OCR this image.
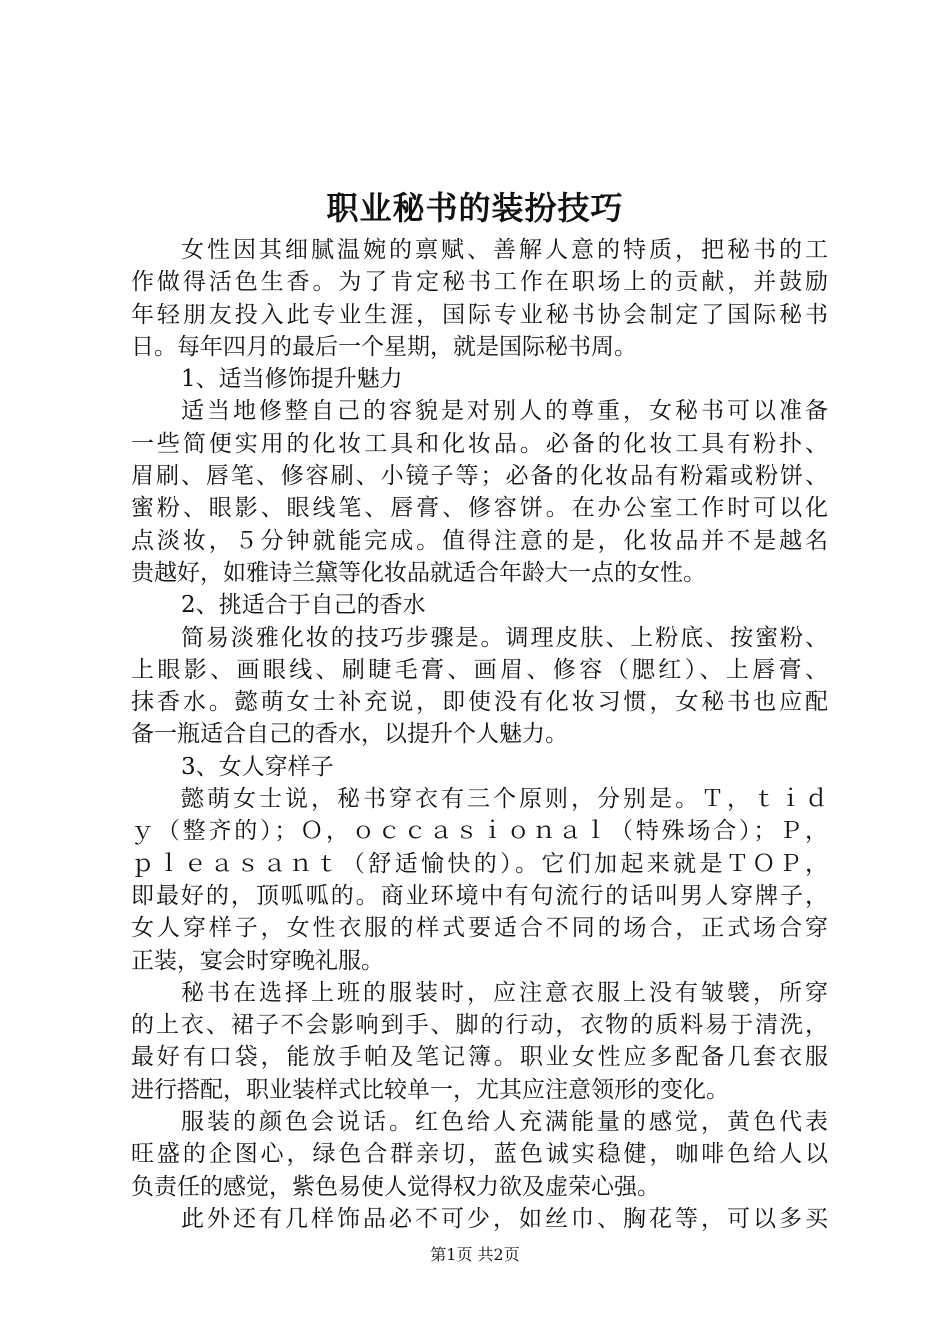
职业秘书的装扮技巧
女性因其细腻温婉的禀赋、善解人意的特质，把秘书的工
作做得活色生香。为了肯定秘书工作在职场上的贡献，并鼓励
年轻朋友投入此专业生涯，国际专业秘书协会制定了国际秘书
日。每年四月的最后一个星期，就是国际秘书周。
1、适当修饰提升魅力
适当地修整自己的容貌是对别人的尊重，女秘书可以准备
一些简便实用的化妆工具和化妆品。必备的化妆工具有粉扑、
眉刷、唇笔、修容刷、小镜子等；必备的化妆品有粉霜或粉饼、
蜜粉、眼影、眼线笔、唇膏、修容饼。在办公室工作时可以化
点淡妆，５分钟就能完成。值得注意的是，化妆品并不是越名
贵越好，如雅诗兰黛等化妆品就适合年龄大一点的女性。
2、挑适合于自己的香水
简易淡雅化妆的技巧步骤是。调理皮肤、上粉底、按蜜粉、
上眼影、画眼线、刷睫毛膏、画眉、修容（腮红）、上唇膏、
抹香水。懿萌女士补充说，即使没有化妆习惯，女秘书也应配
备一瓶适合自己的香水，以提升个人魅力。
3、女人穿样子
懿萌女士说，秘书穿衣有三个原则，分别是。Ｔ，ｔｉｄ
ｙ（整齐的）；Ｏ，ｏｃｃａｓｉｏｎａｌ（特殊场合）；Ｐ，
ｐｌｅａｓａｎｔ（舒适愉快的）。它们加起来就是ＴＯＰ，
即最好的，顶呱呱的。商业环境中有句流行的话叫男人穿牌子，
女人穿样子，女性衣服的样式要适合不同的场合，正式场合穿
正装，宴会时穿晚礼服。
秘书在选择上班的服装时，应注意衣服上没有皱襞，所穿
的上衣、裙子不会影响到手、脚的行动，衣物的质料易于清洗，
最好有口袋，能放手帕及笔记簿。职业女性应多配备几套衣服
进行搭配，职业装样式比较单一，尤其应注意领形的变化。
服装的颜色会说话。红色给人充满能量的感觉，黄色代表
旺盛的企图心，绿色合群亲切，蓝色诚实稳健，咖啡色给人以
负责任的感觉，紫色易使人觉得权力欲及虚荣心强。
此外还有几样饰品必不可少，如丝巾、胸花等，可以多买
第1页 共2页
